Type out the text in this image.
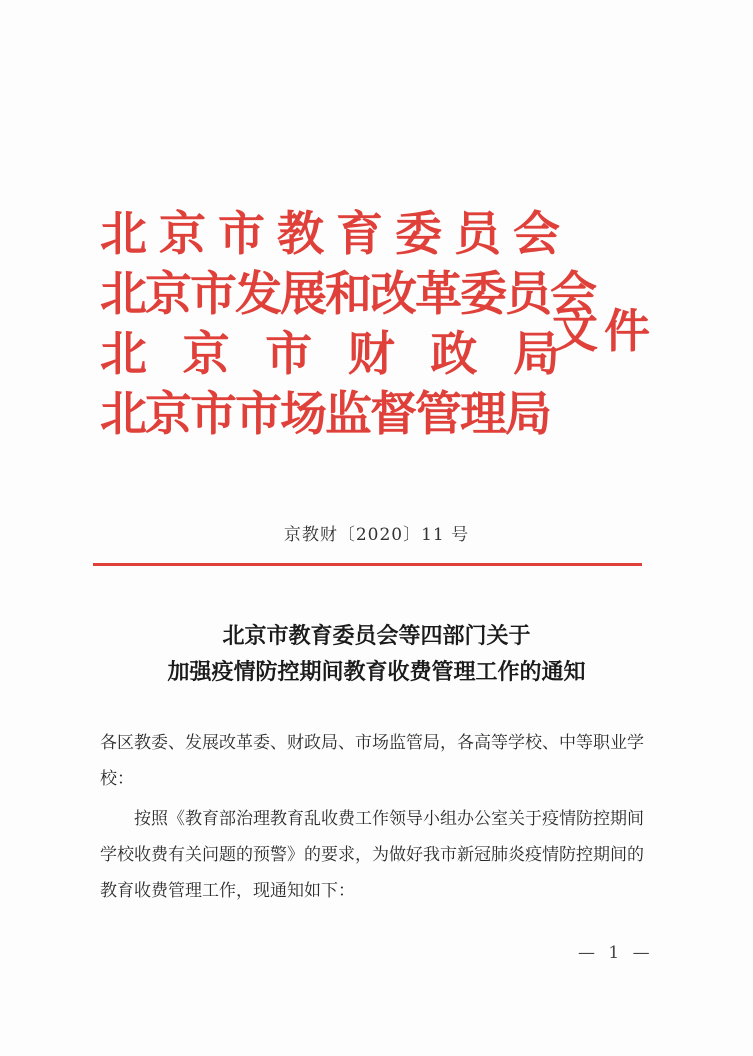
北 京 市 教 育 委 员 会
北京市发展和改革委员会
北 京 市 财 政 局
北京市市场监督管理局
文件
京教财〔2020〕11 号
北京市教育委员会等四部门关于
加强疫情防控期间教育收费管理工作的通知

各区教委、发展改革委、财政局、市场监管局，各高等学校、中等职业学校：

按照《教育部治理教育乱收费工作领导小组办公室关于疫情防控期间学校收费有关问题的预警》的要求，为做好我市新冠肺炎疫情防控期间的教育收费管理工作，现通知如下：

— 1 —
